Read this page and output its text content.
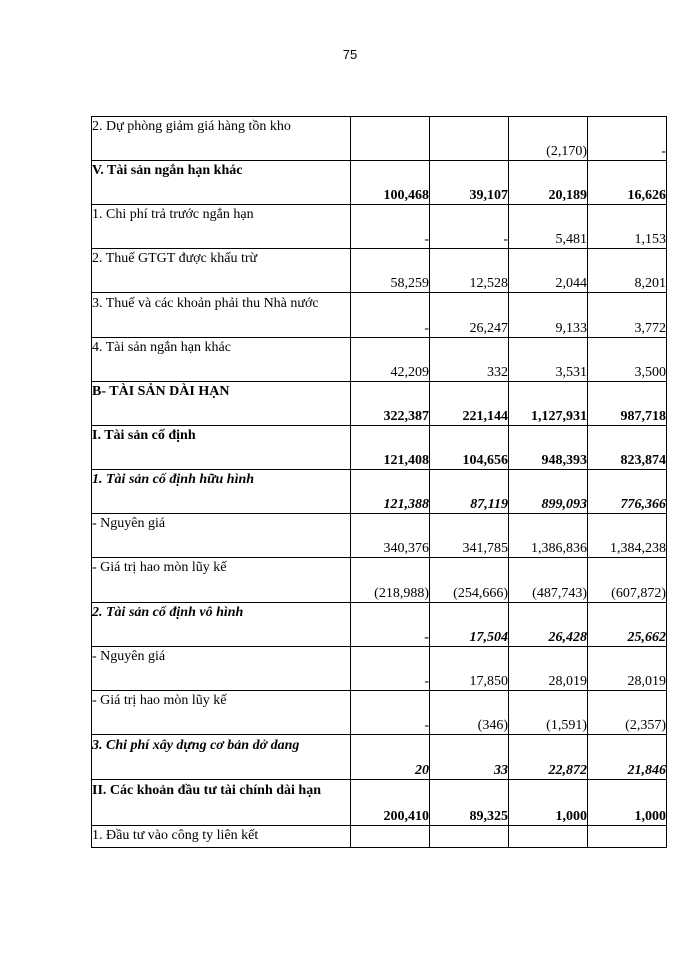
75
2. Dự phòng giảm giá hàng tồn kho			(2,170)	-
V. Tài sản ngắn hạn khác	100,468	39,107	20,189	16,626
1. Chi phí trả trước ngắn hạn	-	-	5,481	1,153
2. Thuế GTGT được khấu trừ	58,259	12,528	2,044	8,201
3. Thuế và các khoản phải thu Nhà nước	-	26,247	9,133	3,772
4. Tài sản ngắn hạn khác	42,209	332	3,531	3,500
B- TÀI SẢN DÀI HẠN	322,387	221,144	1,127,931	987,718
I. Tài sản cố định	121,408	104,656	948,393	823,874
1. Tài sản cố định hữu hình	121,388	87,119	899,093	776,366
- Nguyên giá	340,376	341,785	1,386,836	1,384,238
- Giá trị hao mòn lũy kế	(218,988)	(254,666)	(487,743)	(607,872)
2. Tài sản cố định vô hình	-	17,504	26,428	25,662
- Nguyên giá	-	17,850	28,019	28,019
- Giá trị hao mòn lũy kế	-	(346)	(1,591)	(2,357)
3. Chi phí xây dựng cơ bản dở dang	20	33	22,872	21,846
II. Các khoản đầu tư tài chính dài hạn	200,410	89,325	1,000	1,000
1. Đầu tư vào công ty liên kết				
